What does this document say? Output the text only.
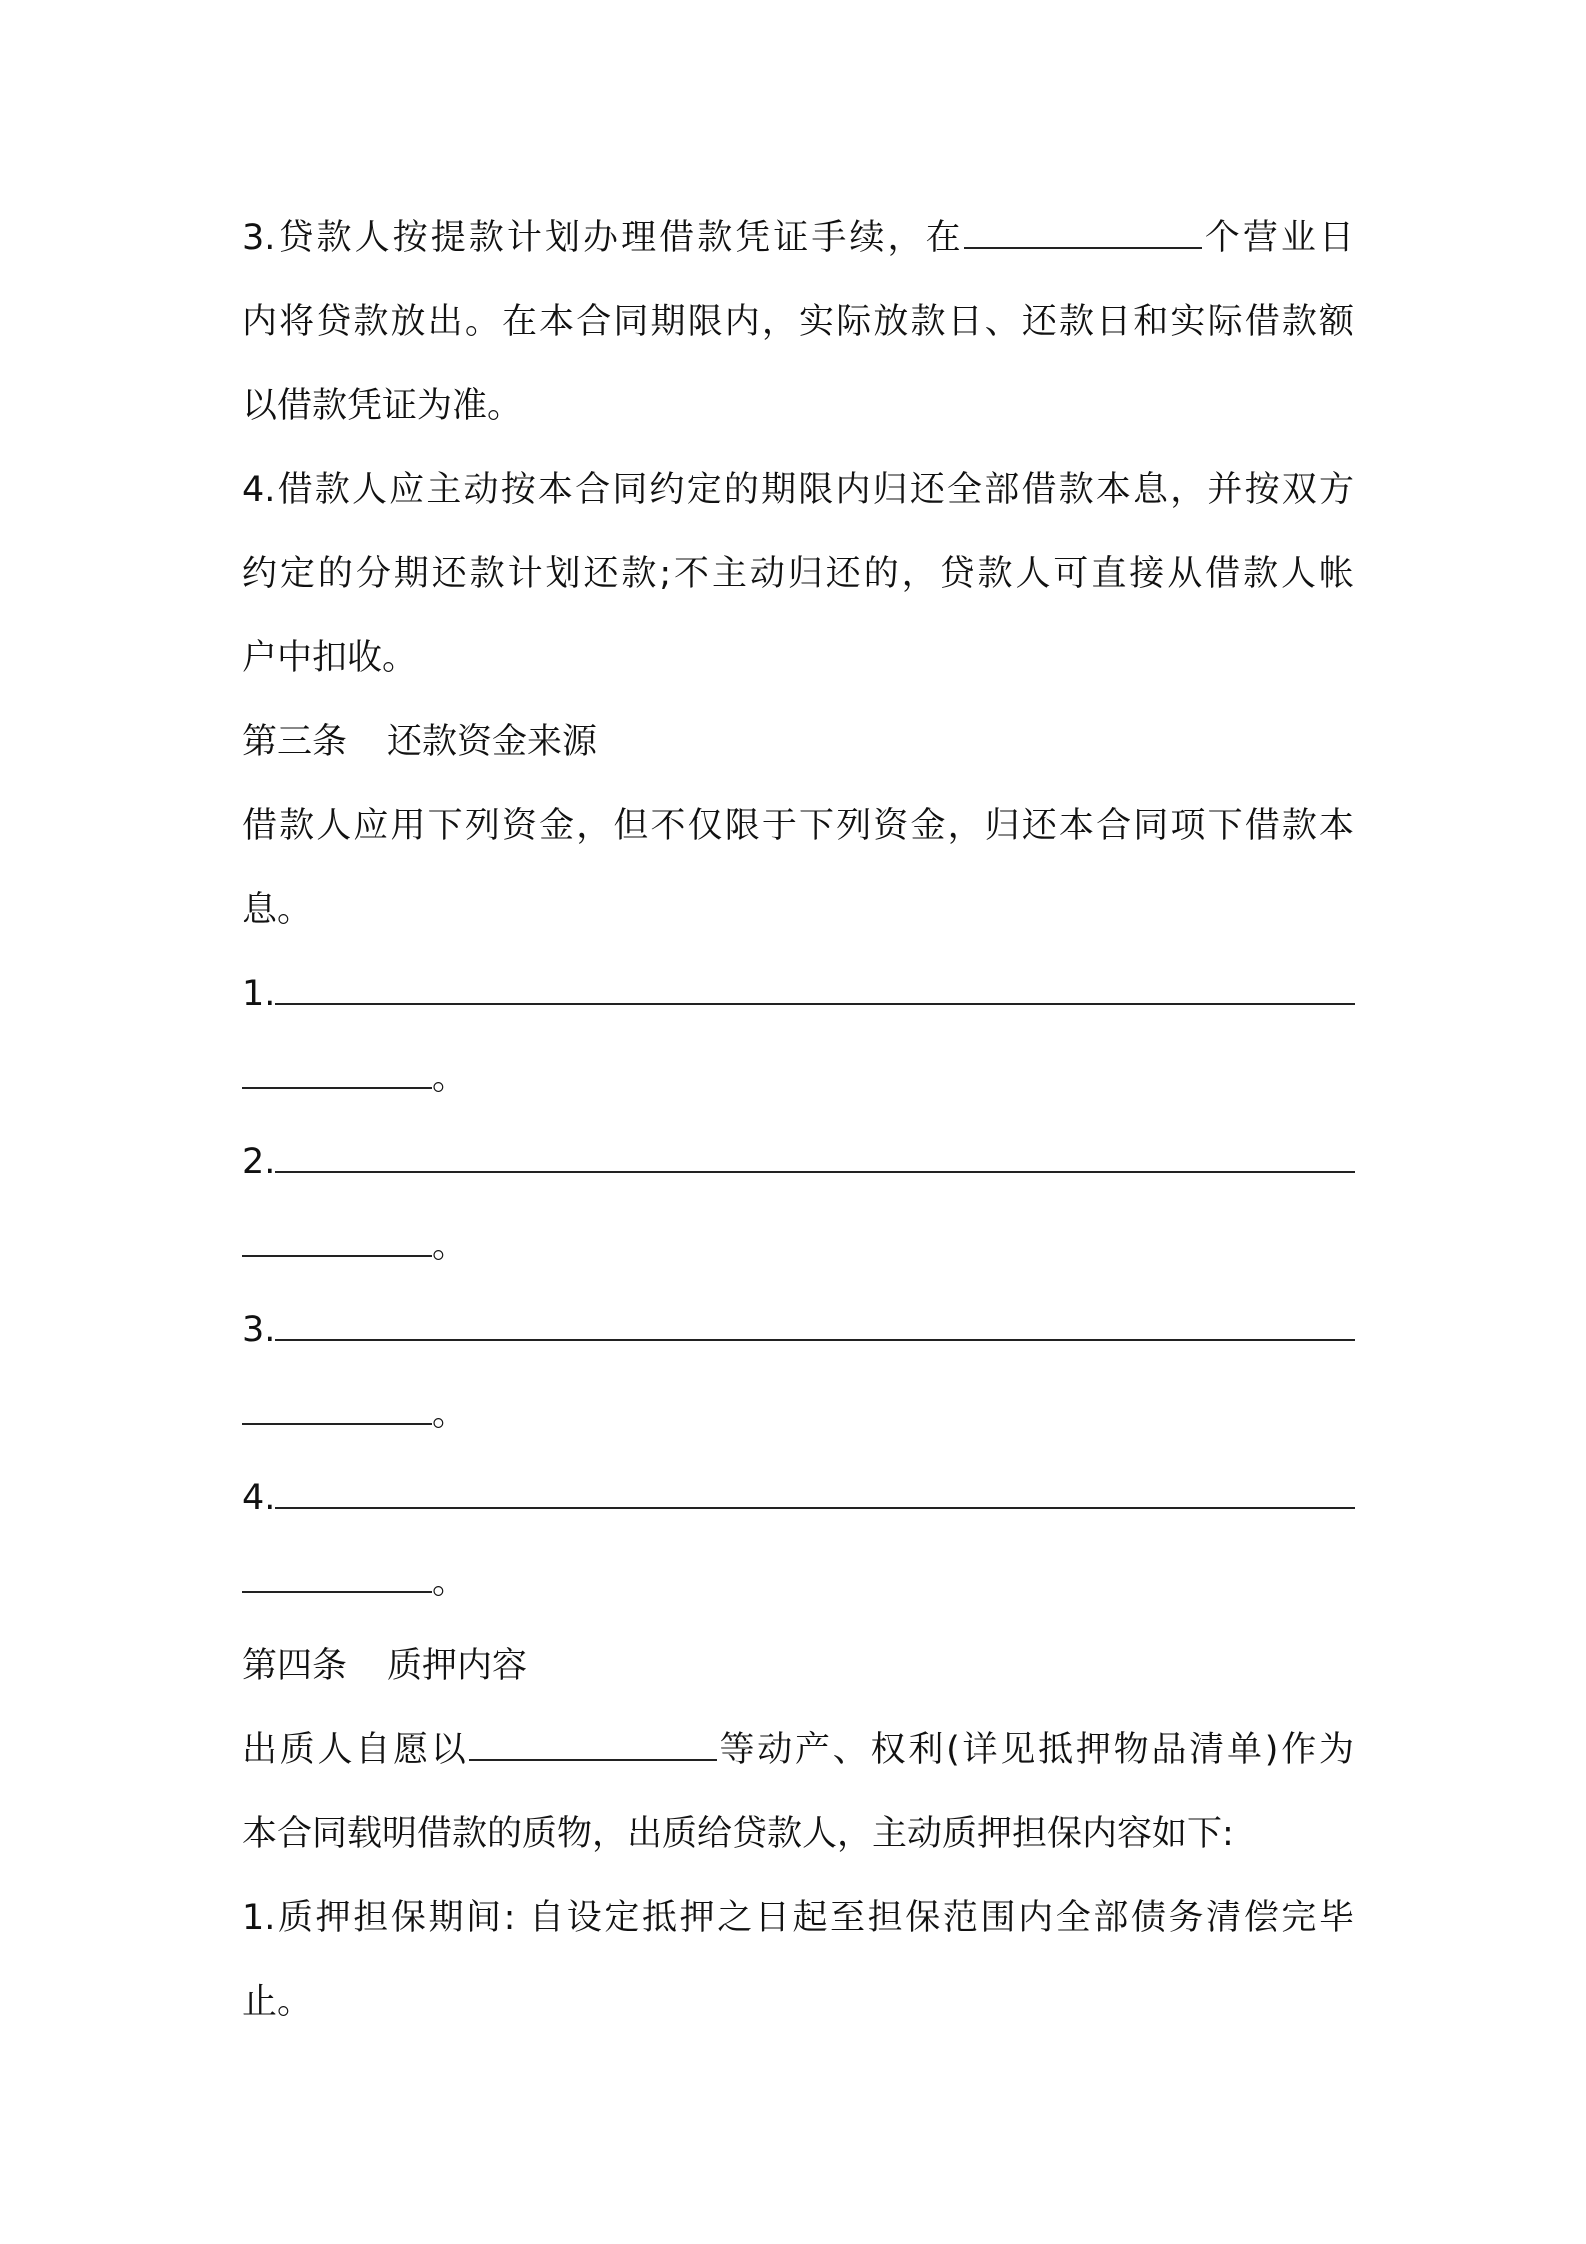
3.贷款人按提款计划办理借款凭证手续，在	个营业日
内将贷款放出。在本合同期限内，实际放款日、还款日和实际借款额
以借款凭证为准。
4.借款人应主动按本合同约定的期限内归还全部借款本息，并按双方
约定的分期还款计划还款;不主动归还的，贷款人可直接从借款人帐
户中扣收。
第三条 还款资金来源
借款人应用下列资金，但不仅限于下列资金，归还本合同项下借款本
息。
1.
。
2.
。
3.
。
4.
。
第四条 质押内容
出质人自愿以	等动产、权利(详见抵押物品清单)作为
本合同载明借款的质物，出质给贷款人，主动质押担保内容如下:
1.质押担保期间: 自设定抵押之日起至担保范围内全部债务清偿完毕
止。
